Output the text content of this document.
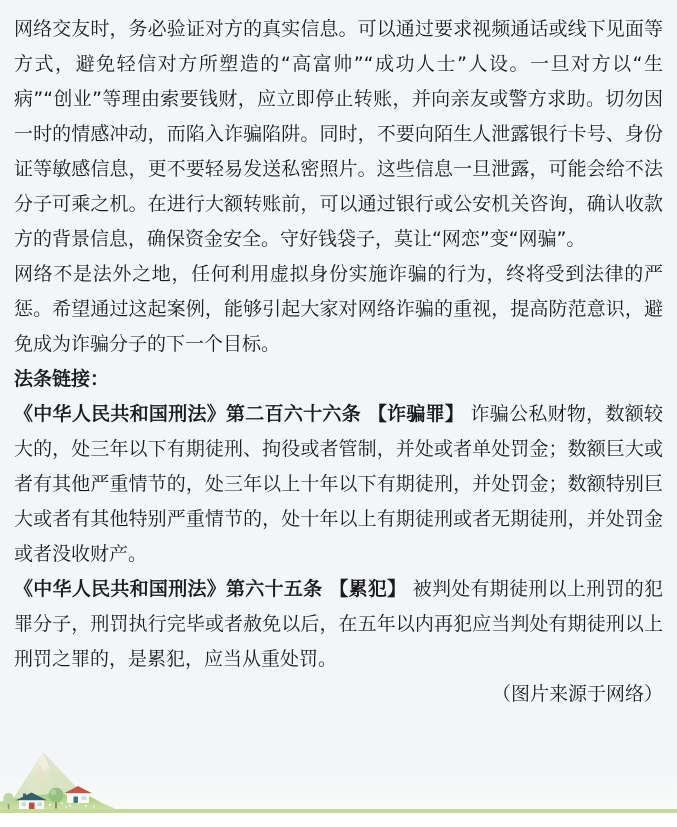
网络交友时，务必验证对方的真实信息。可以通过要求视频通话或线下见面等方式，避免轻信对方所塑造的“高富帅”“成功人士”人设。一旦对方以“生病”“创业”等理由索要钱财，应立即停止转账，并向亲友或警方求助。切勿因一时的情感冲动，而陷入诈骗陷阱。同时，不要向陌生人泄露银行卡号、身份证等敏感信息，更不要轻易发送私密照片。这些信息一旦泄露，可能会给不法分子可乘之机。在进行大额转账前，可以通过银行或公安机关咨询，确认收款方的背景信息，确保资金安全。守好钱袋子，莫让“网恋”变“网骗”。

网络不是法外之地，任何利用虚拟身份实施诈骗的行为，终将受到法律的严惩。希望通过这起案例，能够引起大家对网络诈骗的重视，提高防范意识，避免成为诈骗分子的下一个目标。

法条链接：

《中华人民共和国刑法》第二百六十六条 【诈骗罪】 诈骗公私财物，数额较大的，处三年以下有期徒刑、拘役或者管制，并处或者单处罚金；数额巨大或者有其他严重情节的，处三年以上十年以下有期徒刑，并处罚金；数额特别巨大或者有其他特别严重情节的，处十年以上有期徒刑或者无期徒刑，并处罚金或者没收财产。

《中华人民共和国刑法》第六十五条 【累犯】 被判处有期徒刑以上刑罚的犯罪分子，刑罚执行完毕或者赦免以后，在五年以内再犯应当判处有期徒刑以上刑罚之罪的，是累犯，应当从重处罚。

（图片来源于网络）
